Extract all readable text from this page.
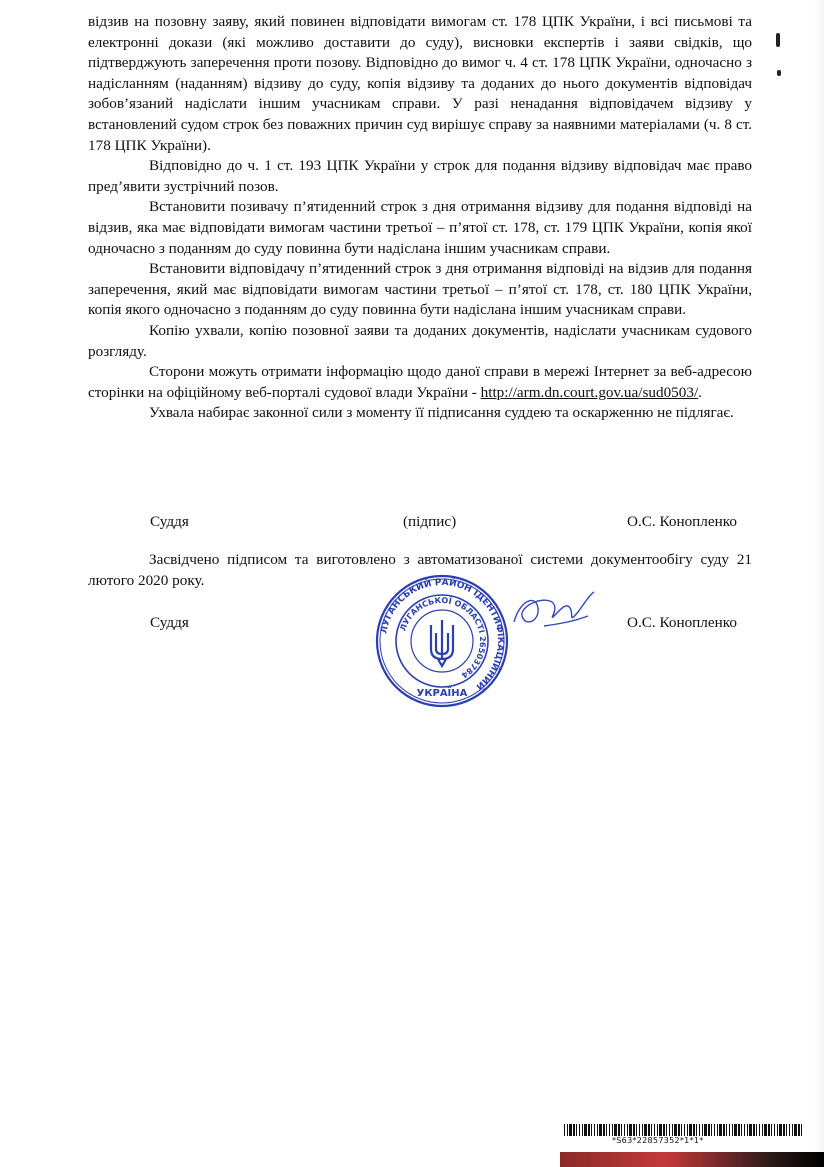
відзив на позовну заяву, який повинен відповідати вимогам ст. 178 ЦПК України, і всі письмові та електронні докази (які можливо доставити до суду), висновки експертів і заяви свідків, що підтверджують заперечення проти позову. Відповідно до вимог ч. 4 ст. 178 ЦПК України, одночасно з надісланням (наданням) відзиву до суду, копія відзиву та доданих до нього документів відповідач зобов’язаний надіслати іншим учасникам справи. У разі ненадання відповідачем відзиву у встановлений судом строк без поважних причин суд вирішує справу за наявними матеріалами (ч. 8 ст. 178 ЦПК України).

Відповідно до ч. 1 ст. 193 ЦПК України у строк для подання відзиву відповідач має право пред’явити зустрічний позов.

Встановити позивачу п’ятиденний строк з дня отримання відзиву для подання відповіді на відзив, яка має відповідати вимогам частини третьої – п’ятої ст. 178, ст. 179 ЦПК України, копія якої одночасно з поданням до суду повинна бути надіслана іншим учасникам справи.

Встановити відповідачу п’ятиденний строк з дня отримання відповіді на відзив для подання заперечення, який має відповідати вимогам частини третьої – п’ятої ст. 178, ст. 180 ЦПК України, копія якого одночасно з поданням до суду повинна бути надіслана іншим учасникам справи.

Копію ухвали, копію позовної заяви та доданих документів, надіслати учасникам судового розгляду.

Сторони можуть отримати інформацію щодо даної справи в мережі Інтернет за веб-адресою сторінки на офіційному веб-порталі судової влади України - http://arm.dn.court.gov.ua/sud0503/.

Ухвала набирає законної сили з моменту її підписання суддею та оскарженню не підлягає.

Суддя	(підпис)	О.С. Конопленко
Засвідчено підписом та виготовлено з автоматизованої системи документообігу суду 21 лютого 2020 року.
Суддя	О.С. Конопленко
ЛУГАНСЬКИЙ РАЙОН ІДЕНТИФІКАЦІЙНИЙ
ЛУГАНСЬКОЇ ОБЛАСТІ 26503784
УКРАЇНА
*S63*22857352*1*1*
